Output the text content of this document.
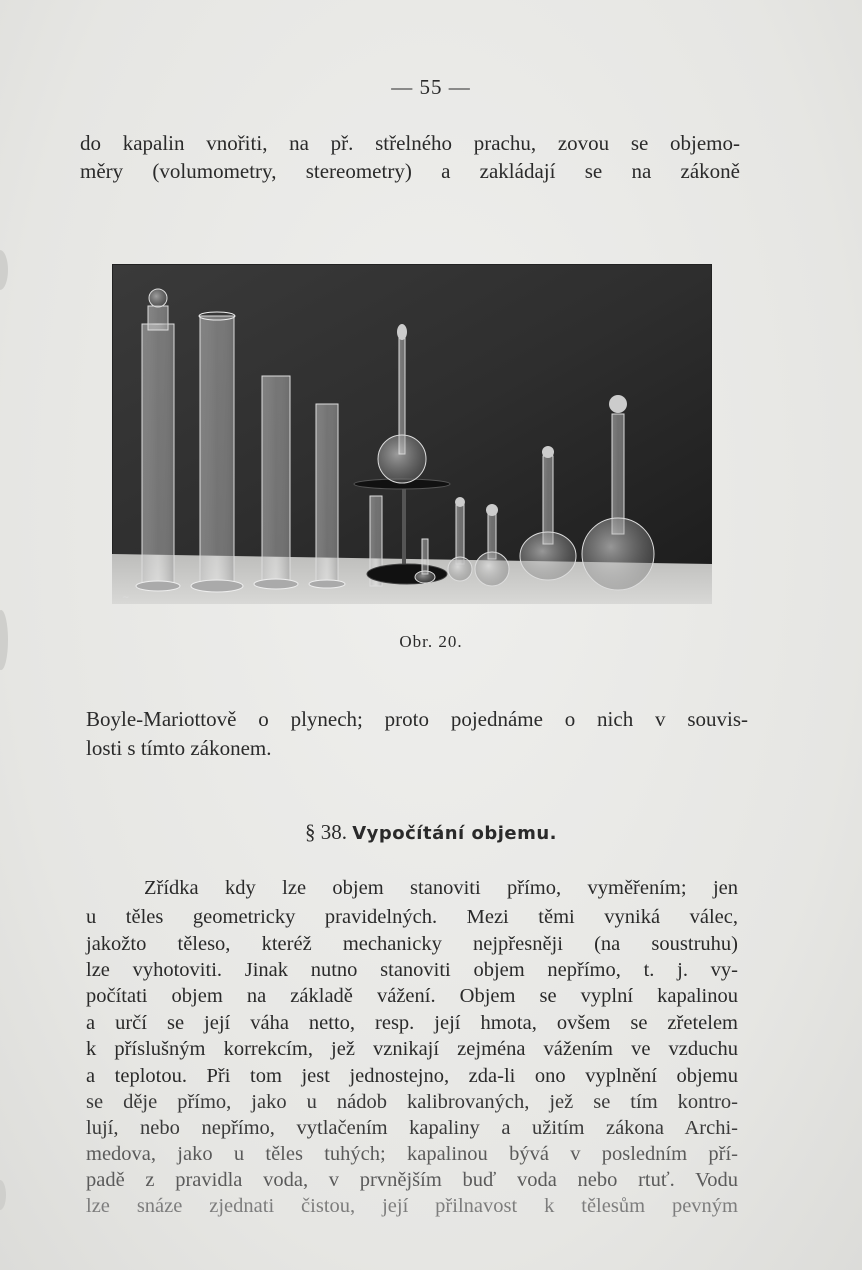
— 55 —
do kapalin vnořiti, na př. střelného prachu, zovou se objemo-
měry (volumometry, stereometry) a zakládají se na zákoně
~
Obr. 20.
Boyle-Mariottově o plynech; proto pojednáme o nich v souvis-
losti s tímto zákonem.
§ 38. Vypočítání objemu.
Zřídka kdy lze objem stanoviti přímo, vyměřením; jen
u těles geometricky pravidelných. Mezi těmi vyniká válec,
jakožto těleso, kteréž mechanicky nejpřesněji (na soustruhu)
lze vyhotoviti. Jinak nutno stanoviti objem nepřímo, t. j. vy-
počítati objem na základě vážení. Objem se vyplní kapalinou
a určí se její váha netto, resp. její hmota, ovšem se zřetelem
k příslušným korrekcím, jež vznikají zejména vážením ve vzduchu
a teplotou. Při tom jest jednostejno, zda-li ono vyplnění objemu
se děje přímo, jako u nádob kalibrovaných, jež se tím kontro-
lují, nebo nepřímo, vytlačením kapaliny a užitím zákona Archi-
medova, jako u těles tuhých; kapalinou bývá v posledním pří-
padě z pravidla voda, v prvnějším buď voda nebo rtuť. Vodu
lze snáze zjednati čistou, její přilnavost k tělesům pevným
